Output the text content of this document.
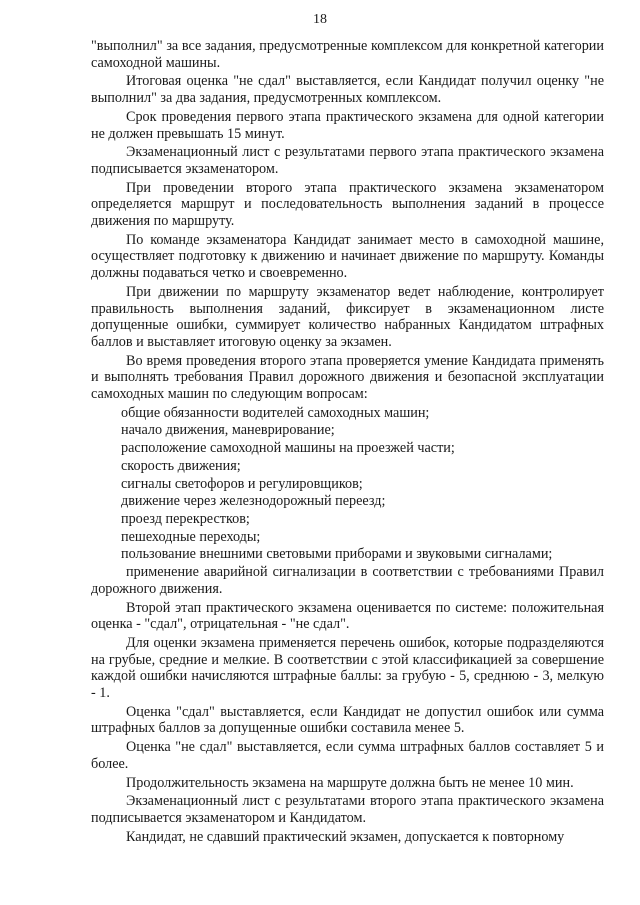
18

"выполнил" за все задания, предусмотренные комплексом для конкретной категории самоходной машины.

Итоговая оценка "не сдал" выставляется, если Кандидат получил оценку "не выполнил" за два задания, предусмотренных комплексом.

Срок проведения первого этапа практического экзамена для одной категории не должен превышать 15 минут.

Экзаменационный лист с результатами первого этапа практического экзамена подписывается экзаменатором.

При проведении второго этапа практического экзамена экзаменатором определяется маршрут и последовательность выполнения заданий в процессе движения по маршруту.

По команде экзаменатора Кандидат занимает место в самоходной машине, осуществляет подготовку к движению и начинает движение по маршруту. Команды должны подаваться четко и своевременно.

При движении по маршруту экзаменатор ведет наблюдение, контролирует правильность выполнения заданий, фиксирует в экзаменационном листе допущенные ошибки, суммирует количество набранных Кандидатом штрафных баллов и выставляет итоговую оценку за экзамен.

Во время проведения второго этапа проверяется умение Кандидата применять и выполнять требования Правил дорожного движения и безопасной эксплуатации самоходных машин по следующим вопросам:

общие обязанности водителей самоходных машин;

начало движения, маневрирование;

расположение самоходной машины на проезжей части;

скорость движения;

сигналы светофоров и регулировщиков;

движение через железнодорожный переезд;

проезд перекрестков;

пешеходные переходы;

пользование внешними световыми приборами и звуковыми сигналами;

применение аварийной сигнализации в соответствии с требованиями Правил дорожного движения.

Второй этап практического экзамена оценивается по системе: положительная оценка - "сдал", отрицательная - "не сдал".

Для оценки экзамена применяется перечень ошибок, которые подразделяются на грубые, средние и мелкие. В соответствии с этой классификацией за совершение каждой ошибки начисляются штрафные баллы: за грубую - 5, среднюю - 3, мелкую - 1.

Оценка "сдал" выставляется, если Кандидат не допустил ошибок или сумма штрафных баллов за допущенные ошибки составила менее 5.

Оценка "не сдал" выставляется, если сумма штрафных баллов составляет 5 и более.

Продолжительность экзамена на маршруте должна быть не менее 10 мин.

Экзаменационный лист с результатами второго этапа практического экзамена подписывается экзаменатором и Кандидатом.

Кандидат, не сдавший практический экзамен, допускается к повторному
